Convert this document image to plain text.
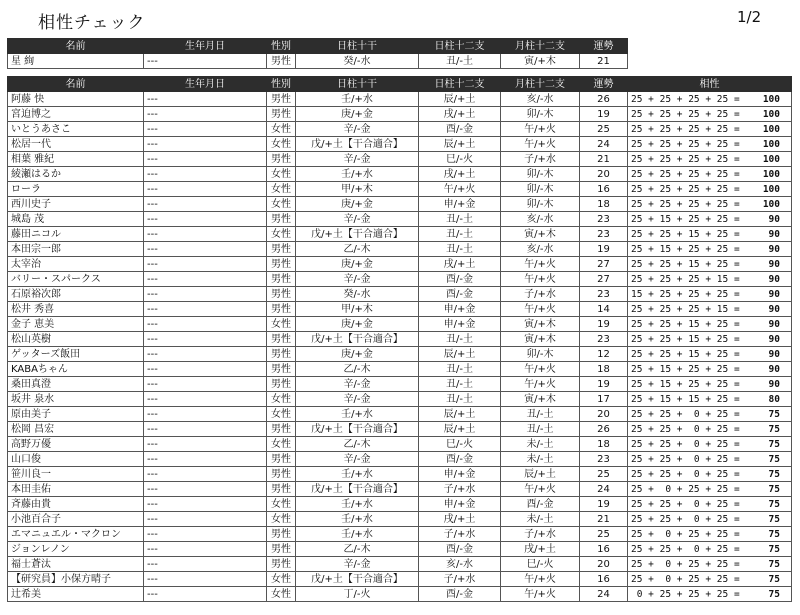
相性チェック	1/2
名前	生年月日	性別	日柱十干	日柱十二支	月柱十二支	運勢
星 絢	---	男性	癸/-水	丑/-土	寅/+木	21
名前	生年月日	性別	日柱十干	日柱十二支	月柱十二支	運勢	相性
阿藤 快	---	男性	壬/+水	辰/+土	亥/-水	26	25 + 25 + 25 + 25 = 100

宮迫博之	---	男性	庚/+金	戌/+土	卯/-木	19	25 + 25 + 25 + 25 = 100

いとうあさこ	---	女性	辛/-金	酉/-金	午/+火	25	25 + 25 + 25 + 25 = 100

松居一代	---	女性	戊/+土【干合適合】	辰/+土	午/+火	24	25 + 25 + 25 + 25 = 100

相葉 雅紀	---	男性	辛/-金	巳/-火	子/+水	21	25 + 25 + 25 + 25 = 100

綾瀬はるか	---	女性	壬/+水	戌/+土	卯/-木	20	25 + 25 + 25 + 25 = 100

ローラ	---	女性	甲/+木	午/+火	卯/-木	16	25 + 25 + 25 + 25 = 100

西川史子	---	女性	庚/+金	申/+金	卯/-木	18	25 + 25 + 25 + 25 = 100

城島 茂	---	男性	辛/-金	丑/-土	亥/-水	23	25 + 15 + 25 + 25 = 90

藤田ニコル	---	女性	戊/+土【干合適合】	丑/-土	寅/+木	23	25 + 25 + 15 + 25 = 90

本田宗一郎	---	男性	乙/-木	丑/-土	亥/-水	19	25 + 15 + 25 + 25 = 90

太宰治	---	男性	庚/+金	戌/+土	午/+火	27	25 + 25 + 15 + 25 = 90

バリー・スパークス	---	男性	辛/-金	酉/-金	午/+火	27	25 + 25 + 25 + 15 = 90

石原裕次郎	---	男性	癸/-水	酉/-金	子/+水	23	15 + 25 + 25 + 25 = 90

松井 秀喜	---	男性	甲/+木	申/+金	午/+火	14	25 + 25 + 25 + 15 = 90

金子 恵美	---	女性	庚/+金	申/+金	寅/+木	19	25 + 25 + 15 + 25 = 90

松山英樹	---	男性	戊/+土【干合適合】	丑/-土	寅/+木	23	25 + 25 + 15 + 25 = 90

ゲッターズ飯田	---	男性	庚/+金	辰/+土	卯/-木	12	25 + 25 + 15 + 25 = 90

KABAちゃん	---	男性	乙/-木	丑/-土	午/+火	18	25 + 15 + 25 + 25 = 90

桑田真澄	---	男性	辛/-金	丑/-土	午/+火	19	25 + 15 + 25 + 25 = 90

坂井 泉水	---	女性	辛/-金	丑/-土	寅/+木	17	25 + 15 + 15 + 25 = 80

原由美子	---	女性	壬/+水	辰/+土	丑/-土	20	25 + 25 +  0 + 25 = 75

松岡 昌宏	---	男性	戊/+土【干合適合】	辰/+土	丑/-土	26	25 + 25 +  0 + 25 = 75

高野万優	---	女性	乙/-木	巳/-火	未/-土	18	25 + 25 +  0 + 25 = 75

山口俊	---	男性	辛/-金	酉/-金	未/-土	23	25 + 25 +  0 + 25 = 75

笹川良一	---	男性	壬/+水	申/+金	辰/+土	25	25 + 25 +  0 + 25 = 75

本田圭佑	---	男性	戊/+土【干合適合】	子/+水	午/+火	24	25 +  0 + 25 + 25 = 75

斉藤由貴	---	女性	壬/+水	申/+金	酉/-金	19	25 + 25 +  0 + 25 = 75

小池百合子	---	女性	壬/+水	戌/+土	未/-土	21	25 + 25 +  0 + 25 = 75

エマニュエル・マクロン	---	男性	壬/+水	子/+水	子/+水	25	25 +  0 + 25 + 25 = 75

ジョンレノン	---	男性	乙/-木	酉/-金	戌/+土	16	25 + 25 +  0 + 25 = 75

福士蒼汰	---	男性	辛/-金	亥/-水	巳/-火	20	25 +  0 + 25 + 25 = 75

【研究員】小保方晴子	---	女性	戊/+土【干合適合】	子/+水	午/+火	16	25 +  0 + 25 + 25 = 75

辻希美	---	女性	丁/-火	酉/-金	午/+火	24	0 + 25 + 25 + 25 = 75
